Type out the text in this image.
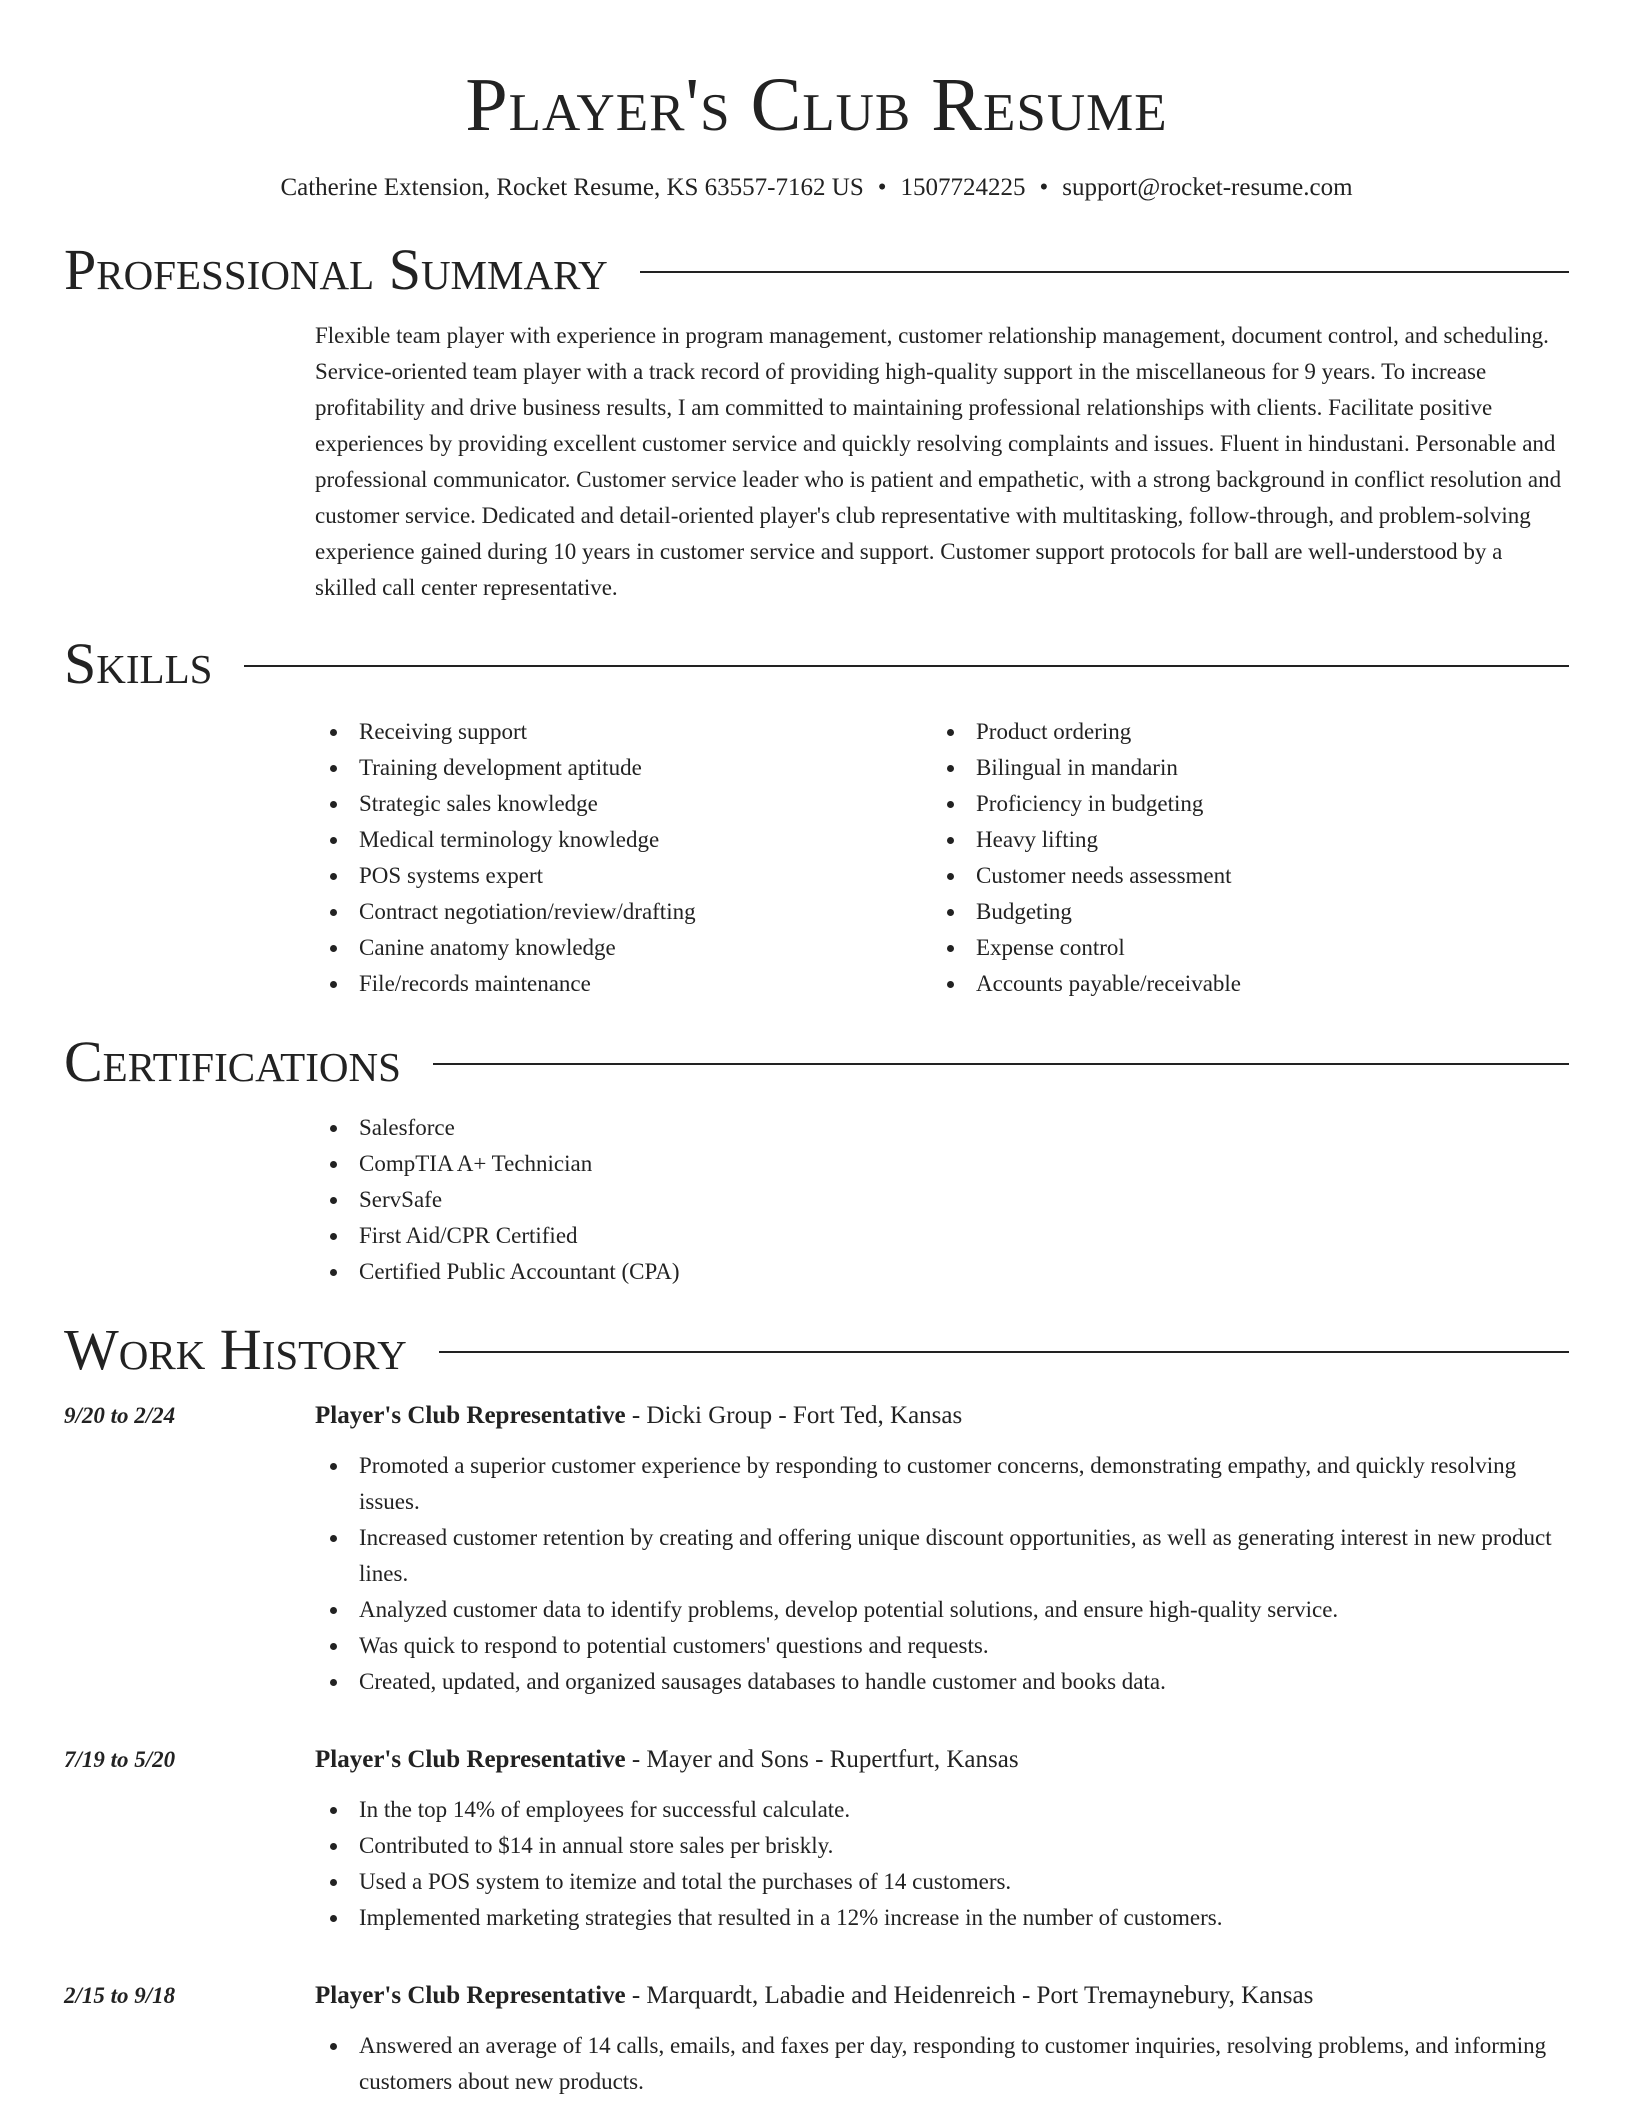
Player's Club Resume
Catherine Extension, Rocket Resume, KS 63557-7162 US • 1507724225 • support@rocket-resume.com
Professional Summary

Flexible team player with experience in program management, customer relationship management, document control, and scheduling. Service-oriented team player with a track record of providing high-quality support in the miscellaneous for 9 years. To increase profitability and drive business results, I am committed to maintaining professional relationships with clients. Facilitate positive experiences by providing excellent customer service and quickly resolving complaints and issues. Fluent in hindustani. Personable and professional communicator. Customer service leader who is patient and empathetic, with a strong background in conflict resolution and customer service. Dedicated and detail-oriented player's club representative with multitasking, follow-through, and problem-solving experience gained during 10 years in customer service and support. Customer support protocols for ball are well-understood by a skilled call center representative.

Skills
Receiving support
Training development aptitude
Strategic sales knowledge
Medical terminology knowledge
POS systems expert
Contract negotiation/review/drafting
Canine anatomy knowledge
File/records maintenance
Product ordering
Bilingual in mandarin
Proficiency in budgeting
Heavy lifting
Customer needs assessment
Budgeting
Expense control
Accounts payable/receivable
Certifications
Salesforce
CompTIA A+ Technician
ServSafe
First Aid/CPR Certified
Certified Public Accountant (CPA)
Work History
9/20 to 2/24	Player's Club Representative - Dicki Group - Fort Ted, Kansas
Promoted a superior customer experience by responding to customer concerns, demonstrating empathy, and quickly resolving issues.
Increased customer retention by creating and offering unique discount opportunities, as well as generating interest in new product lines.
Analyzed customer data to identify problems, develop potential solutions, and ensure high-quality service.
Was quick to respond to potential customers' questions and requests.
Created, updated, and organized sausages databases to handle customer and books data.
7/19 to 5/20	Player's Club Representative - Mayer and Sons - Rupertfurt, Kansas
In the top 14% of employees for successful calculate.
Contributed to $14 in annual store sales per briskly.
Used a POS system to itemize and total the purchases of 14 customers.
Implemented marketing strategies that resulted in a 12% increase in the number of customers.
2/15 to 9/18	Player's Club Representative - Marquardt, Labadie and Heidenreich - Port Tremaynebury, Kansas
Answered an average of 14 calls, emails, and faxes per day, responding to customer inquiries, resolving problems, and informing customers about new products.
